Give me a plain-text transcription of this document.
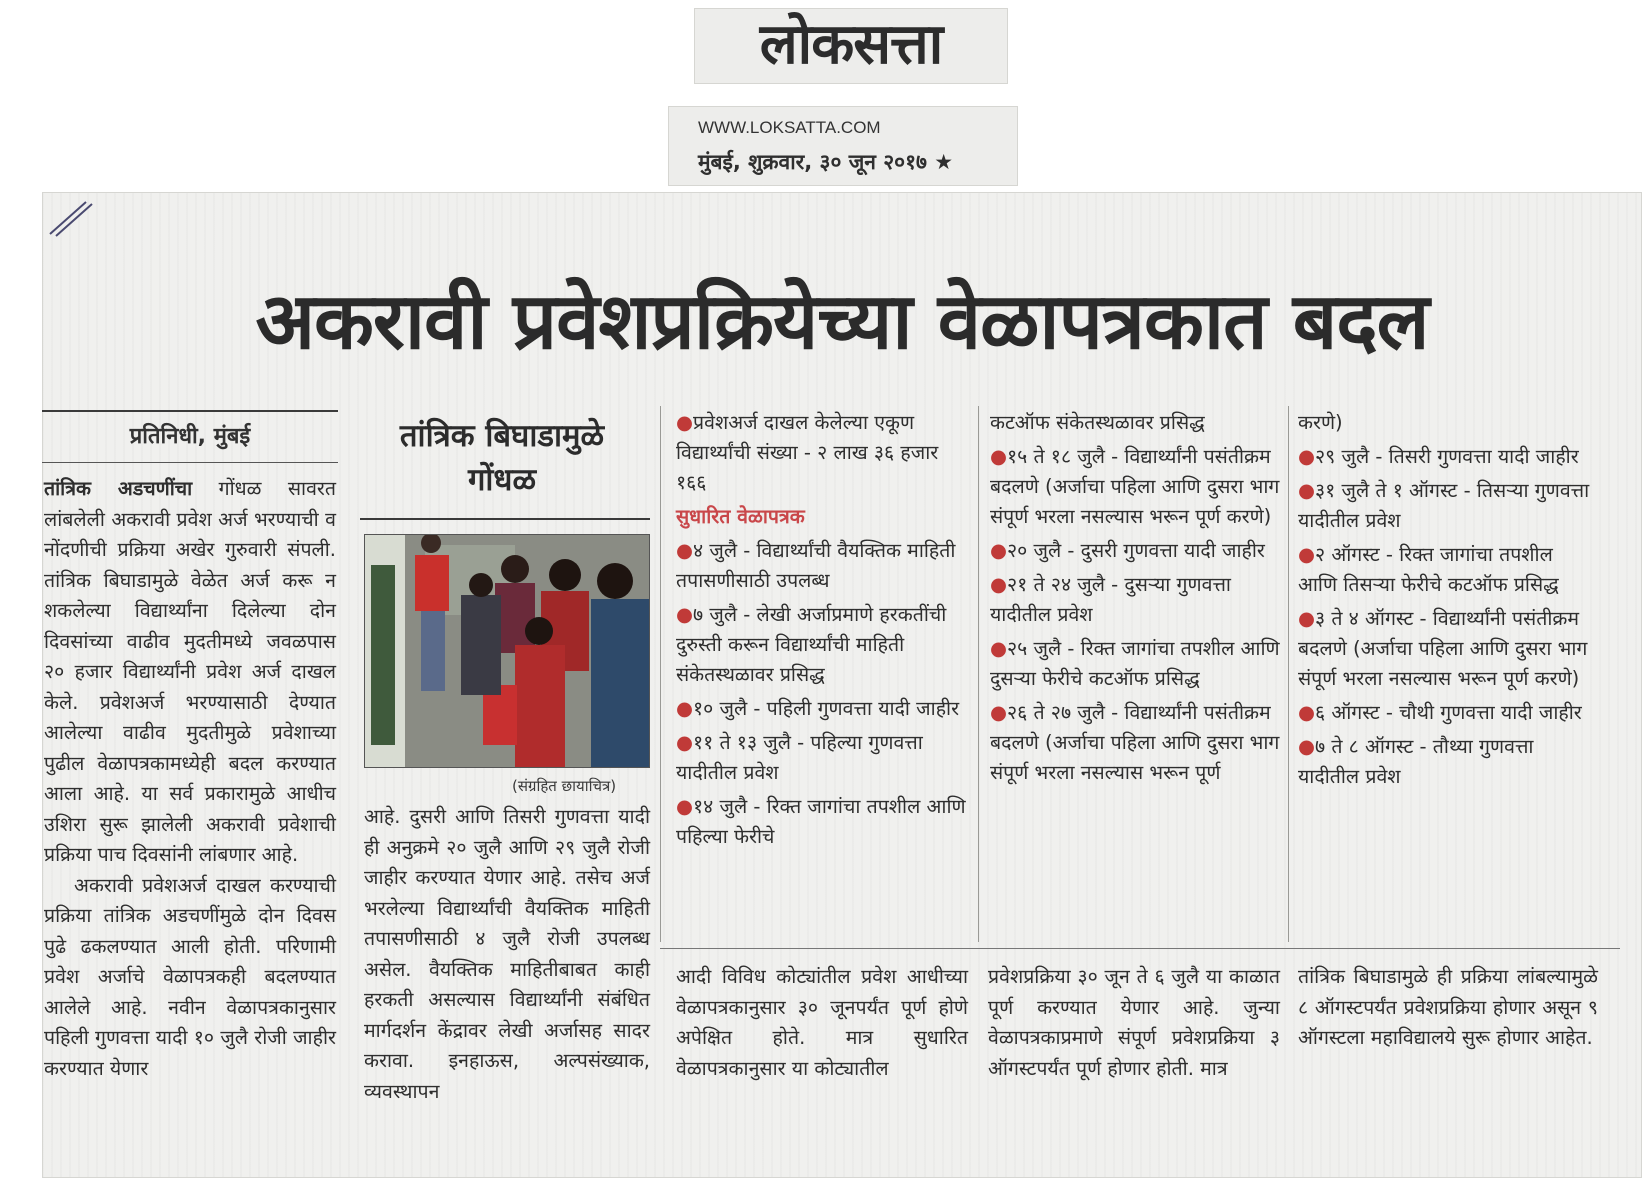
लोकसत्ता
WWW.LOKSATTA.COM
मुंबई, शुक्रवार, ३० जून २०१७ ★
अकरावी प्रवेशप्रक्रियेच्या वेळापत्रकात बदल
प्रतिनिधी, मुंबई

तांत्रिक अडचणींचा गोंधळ सावरत लांबलेली अकरावी प्रवेश अर्ज भरण्याची व नोंदणीची प्रक्रिया अखेर गुरुवारी संपली. तांत्रिक बिघाडामुळे वेळेत अर्ज करू न शकलेल्या विद्यार्थ्यांना दिलेल्या दोन दिवसांच्या वाढीव मुदतीमध्ये जवळपास २० हजार विद्यार्थ्यांनी प्रवेश अर्ज दाखल केले. प्रवेशअर्ज भरण्यासाठी देण्यात आलेल्या वाढीव मुदतीमुळे प्रवेशाच्या पुढील वेळापत्रकामध्येही बदल करण्यात आला आहे. या सर्व प्रकारामुळे आधीच उशिरा सुरू झालेली अकरावी प्रवेशाची प्रक्रिया पाच दिवसांनी लांबणार आहे.

अकरावी प्रवेशअर्ज दाखल करण्याची प्रक्रिया तांत्रिक अडचणींमुळे दोन दिवस पुढे ढकलण्यात आली होती. परिणामी प्रवेश अर्जाचे वेळापत्रकही बदलण्यात आलेले आहे. नवीन वेळापत्रकानुसार पहिली गुणवत्ता यादी १० जुलै रोजी जाहीर करण्यात येणार

तांत्रिक बिघाडामुळे गोंधळ
(संग्रहित छायाचित्र)
आहे. दुसरी आणि तिसरी गुणवत्ता यादी ही अनुक्रमे २० जुलै आणि २९ जुलै रोजी जाहीर करण्यात येणार आहे. तसेच अर्ज भरलेल्या विद्यार्थ्यांची वैयक्तिक माहिती तपासणीसाठी ४ जुलै रोजी उपलब्ध असेल. वैयक्तिक माहितीबाबत काही हरकती असल्यास विद्यार्थ्यांनी संबंधित मार्गदर्शन केंद्रावर लेखी अर्जासह सादर करावा. इनहाऊस, अल्पसंख्याक, व्यवस्थापन

●प्रवेशअर्ज दाखल केलेल्या एकूण विद्यार्थ्यांची संख्या - २ लाख ३६ हजार १६६

सुधारित वेळापत्रक

●४ जुलै - विद्यार्थ्यांची वैयक्तिक माहिती तपासणीसाठी उपलब्ध

●७ जुलै - लेखी अर्जाप्रमाणे हरकतींची दुरुस्ती करून विद्यार्थ्यांची माहिती संकेतस्थळावर प्रसिद्ध

●१० जुलै - पहिली गुणवत्ता यादी जाहीर

●११ ते १३ जुलै - पहिल्या गुणवत्ता यादीतील प्रवेश

●१४ जुलै - रिक्त जागांचा तपशील आणि पहिल्या फेरीचे

कटऑफ संकेतस्थळावर प्रसिद्ध

●१५ ते १८ जुलै - विद्यार्थ्यांनी पसंतीक्रम बदलणे (अर्जाचा पहिला आणि दुसरा भाग संपूर्ण भरला नसल्यास भरून पूर्ण करणे)

●२० जुलै - दुसरी गुणवत्ता यादी जाहीर

●२१ ते २४ जुलै - दुसऱ्या गुणवत्ता यादीतील प्रवेश

●२५ जुलै - रिक्त जागांचा तपशील आणि दुसऱ्या फेरीचे कटऑफ प्रसिद्ध

●२६ ते २७ जुलै - विद्यार्थ्यांनी पसंतीक्रम बदलणे (अर्जाचा पहिला आणि दुसरा भाग संपूर्ण भरला नसल्यास भरून पूर्ण

करणे)

●२९ जुलै - तिसरी गुणवत्ता यादी जाहीर

●३१ जुलै ते १ ऑगस्ट - तिसऱ्या गुणवत्ता यादीतील प्रवेश

●२ ऑगस्ट - रिक्त जागांचा तपशील आणि तिसऱ्या फेरीचे कटऑफ प्रसिद्ध

●३ ते ४ ऑगस्ट - विद्यार्थ्यांनी पसंतीक्रम बदलणे (अर्जाचा पहिला आणि दुसरा भाग संपूर्ण भरला नसल्यास भरून पूर्ण करणे)

●६ ऑगस्ट - चौथी गुणवत्ता यादी जाहीर

●७ ते ८ ऑगस्ट - तौथ्या गुणवत्ता यादीतील प्रवेश

आदी विविध कोट्यांतील प्रवेश आधीच्या वेळापत्रकानुसार ३० जूनपर्यंत पूर्ण होणे अपेक्षित होते. मात्र सुधारित वेळापत्रकानुसार या कोट्यातील
प्रवेशप्रक्रिया ३० जून ते ६ जुलै या काळात पूर्ण करण्यात येणार आहे. जुन्या वेळापत्रकाप्रमाणे संपूर्ण प्रवेशप्रक्रिया ३ ऑगस्टपर्यंत पूर्ण होणार होती. मात्र
तांत्रिक बिघाडामुळे ही प्रक्रिया लांबल्यामुळे ८ ऑगस्टपर्यंत प्रवेशप्रक्रिया होणार असून ९ ऑगस्टला महाविद्यालये सुरू होणार आहेत.
